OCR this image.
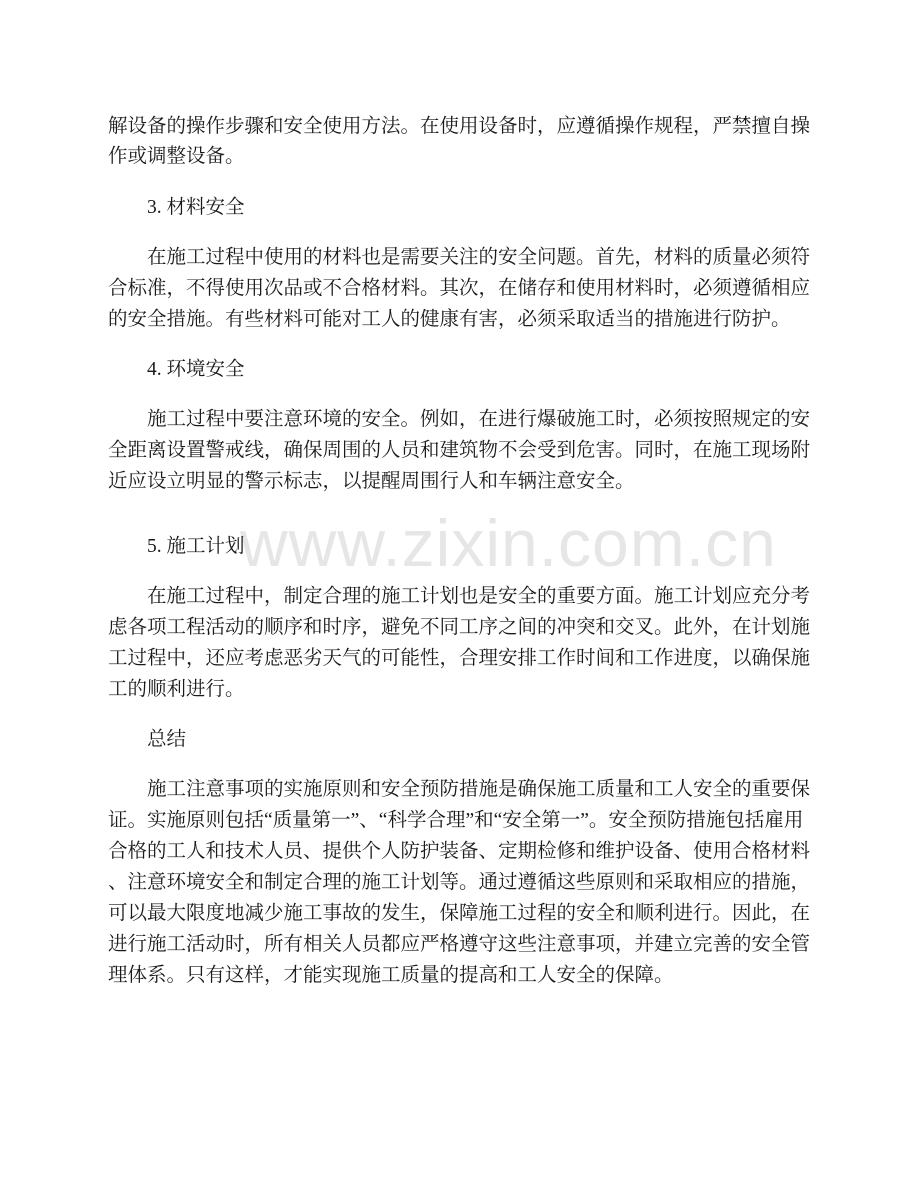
www.zixin.com.cn
解设备的操作步骤和安全使用方法。在使用设备时，应遵循操作规程，严禁擅自操
作或调整设备。
3. 材料安全
在施工过程中使用的材料也是需要关注的安全问题。首先，材料的质量必须符
合标准，不得使用次品或不合格材料。其次，在储存和使用材料时，必须遵循相应
的安全措施。有些材料可能对工人的健康有害，必须采取适当的措施进行防护。
4. 环境安全
施工过程中要注意环境的安全。例如，在进行爆破施工时，必须按照规定的安
全距离设置警戒线，确保周围的人员和建筑物不会受到危害。同时，在施工现场附
近应设立明显的警示标志，以提醒周围行人和车辆注意安全。
5. 施工计划
在施工过程中，制定合理的施工计划也是安全的重要方面。施工计划应充分考
虑各项工程活动的顺序和时序，避免不同工序之间的冲突和交叉。此外，在计划施
工过程中，还应考虑恶劣天气的可能性，合理安排工作时间和工作进度，以确保施
工的顺利进行。
总结
施工注意事项的实施原则和安全预防措施是确保施工质量和工人安全的重要保
证。实施原则包括“质量第一”、“科学合理”和“安全第一”。安全预防措施包括雇用
合格的工人和技术人员、提供个人防护装备、定期检修和维护设备、使用合格材料
、注意环境安全和制定合理的施工计划等。通过遵循这些原则和采取相应的措施，
可以最大限度地减少施工事故的发生，保障施工过程的安全和顺利进行。因此，在
进行施工活动时，所有相关人员都应严格遵守这些注意事项，并建立完善的安全管
理体系。只有这样，才能实现施工质量的提高和工人安全的保障。
